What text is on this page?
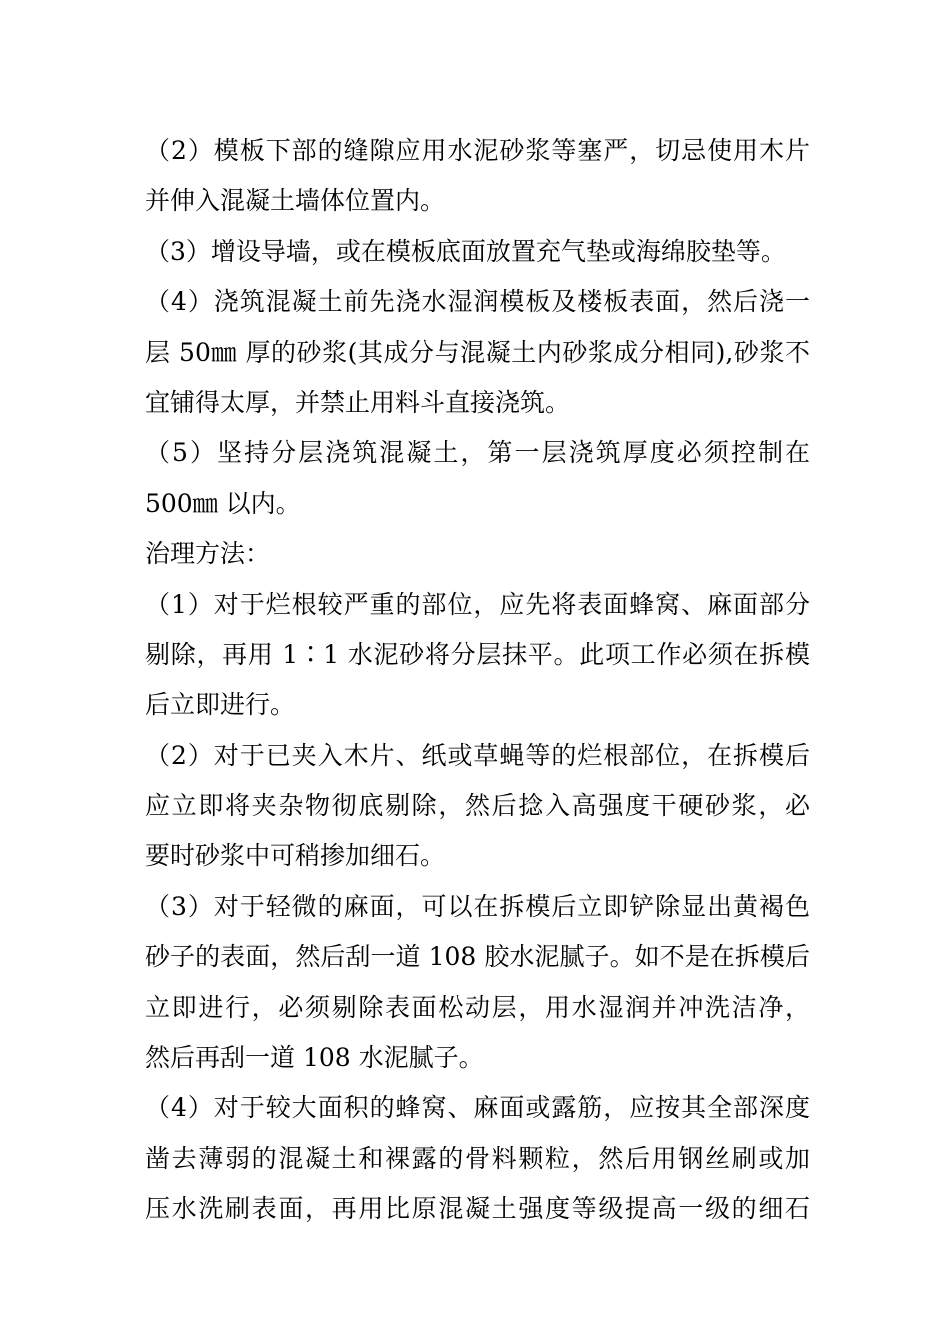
（2）模板下部的缝隙应用水泥砂浆等塞严，切忌使用木片
并伸入混凝土墙体位置内。
（3）增设导墙，或在模板底面放置充气垫或海绵胶垫等。
（4）浇筑混凝土前先浇水湿润模板及楼板表面，然后浇一
层 50㎜ 厚的砂浆(其成分与混凝土内砂浆成分相同),砂浆不
宜铺得太厚，并禁止用料斗直接浇筑。
（5）坚持分层浇筑混凝土，第一层浇筑厚度必须控制在
500㎜ 以内。
治理方法：
（1）对于烂根较严重的部位，应先将表面蜂窝、麻面部分
剔除，再用 1∶1 水泥砂将分层抹平。此项工作必须在拆模
后立即进行。
（2）对于已夹入木片、纸或草蝇等的烂根部位，在拆模后
应立即将夹杂物彻底剔除，然后捻入高强度干硬砂浆，必
要时砂浆中可稍掺加细石。
（3）对于轻微的麻面，可以在拆模后立即铲除显出黄褐色
砂子的表面，然后刮一道 108 胶水泥腻子。如不是在拆模后
立即进行，必须剔除表面松动层，用水湿润并冲洗洁净，
然后再刮一道 108 水泥腻子。
（4）对于较大面积的蜂窝、麻面或露筋，应按其全部深度
凿去薄弱的混凝土和裸露的骨料颗粒，然后用钢丝刷或加
压水洗刷表面，再用比原混凝土强度等级提高一级的细石
